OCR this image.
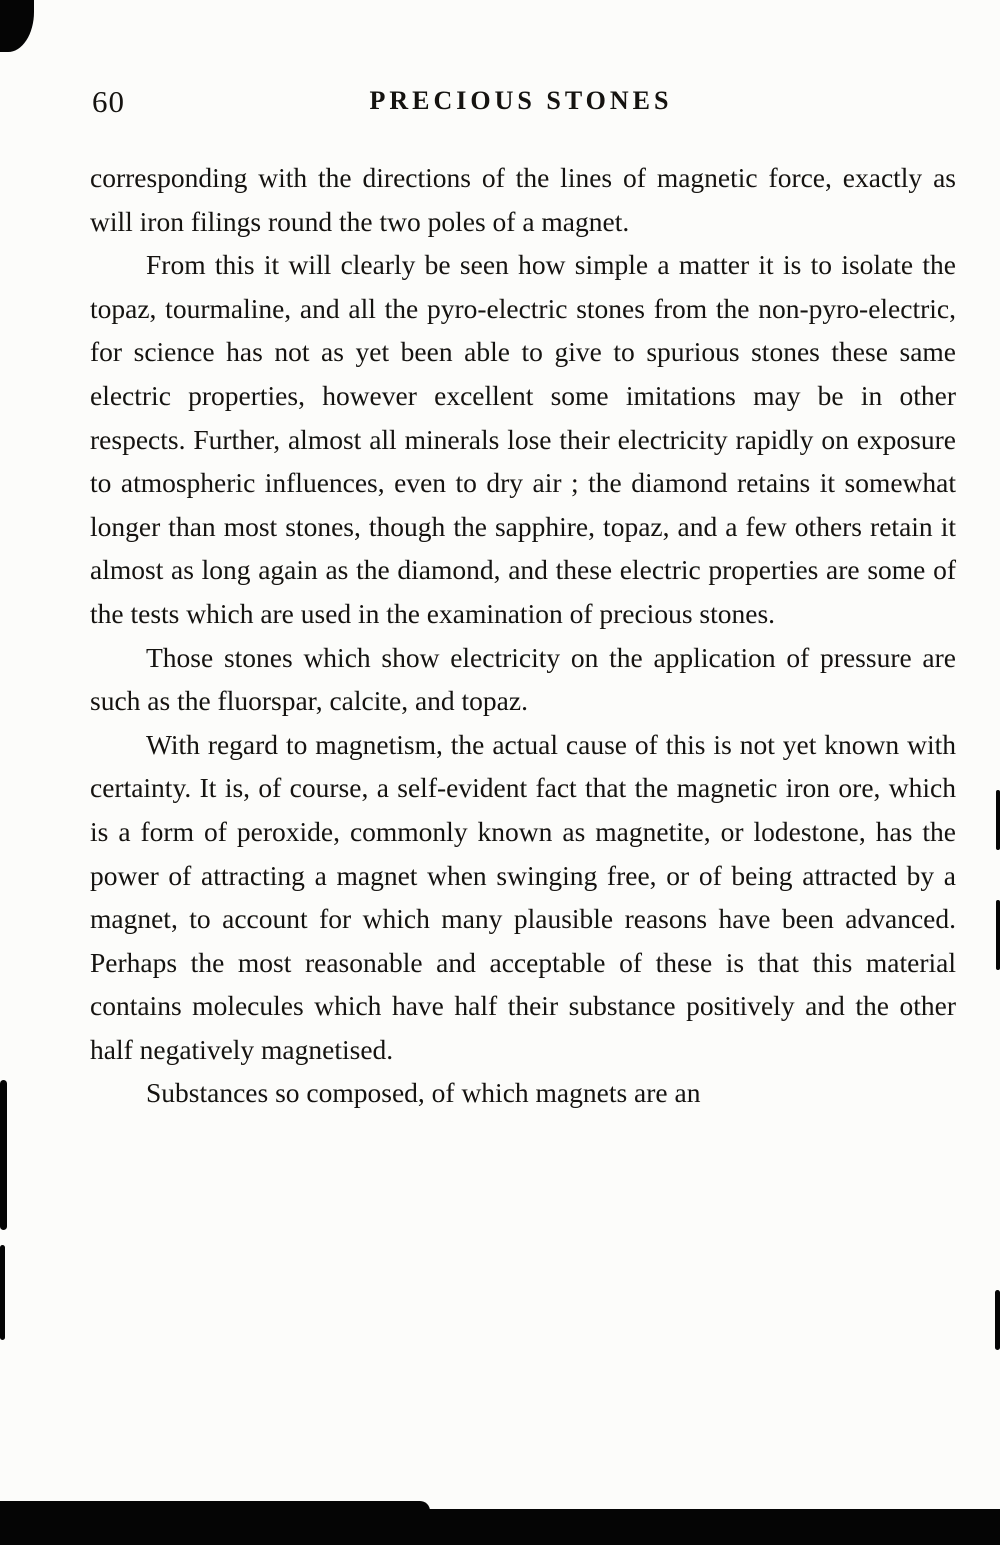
60	PRECIOUS STONES

corresponding with the directions of the lines of magnetic force, exactly as will iron filings round the two poles of a magnet.

From this it will clearly be seen how simple a matter it is to isolate the topaz, tourmaline, and all the pyro-electric stones from the non-pyro-electric, for science has not as yet been able to give to spurious stones these same electric properties, however excellent some imitations may be in other respects. Further, almost all minerals lose their electricity rapidly on exposure to atmospheric influences, even to dry air ; the diamond retains it somewhat longer than most stones, though the sapphire, topaz, and a few others retain it almost as long again as the diamond, and these electric properties are some of the tests which are used in the examination of precious stones.

Those stones which show electricity on the application of pressure are such as the fluorspar, calcite, and topaz.

With regard to magnetism, the actual cause of this is not yet known with certainty. It is, of course, a self-evident fact that the magnetic iron ore, which is a form of peroxide, commonly known as magnetite, or lodestone, has the power of attracting a magnet when swinging free, or of being attracted by a magnet, to account for which many plausible reasons have been advanced. Perhaps the most reasonable and acceptable of these is that this material contains molecules which have half their substance positively and the other half negatively magnetised.

Substances so composed, of which magnets are an
